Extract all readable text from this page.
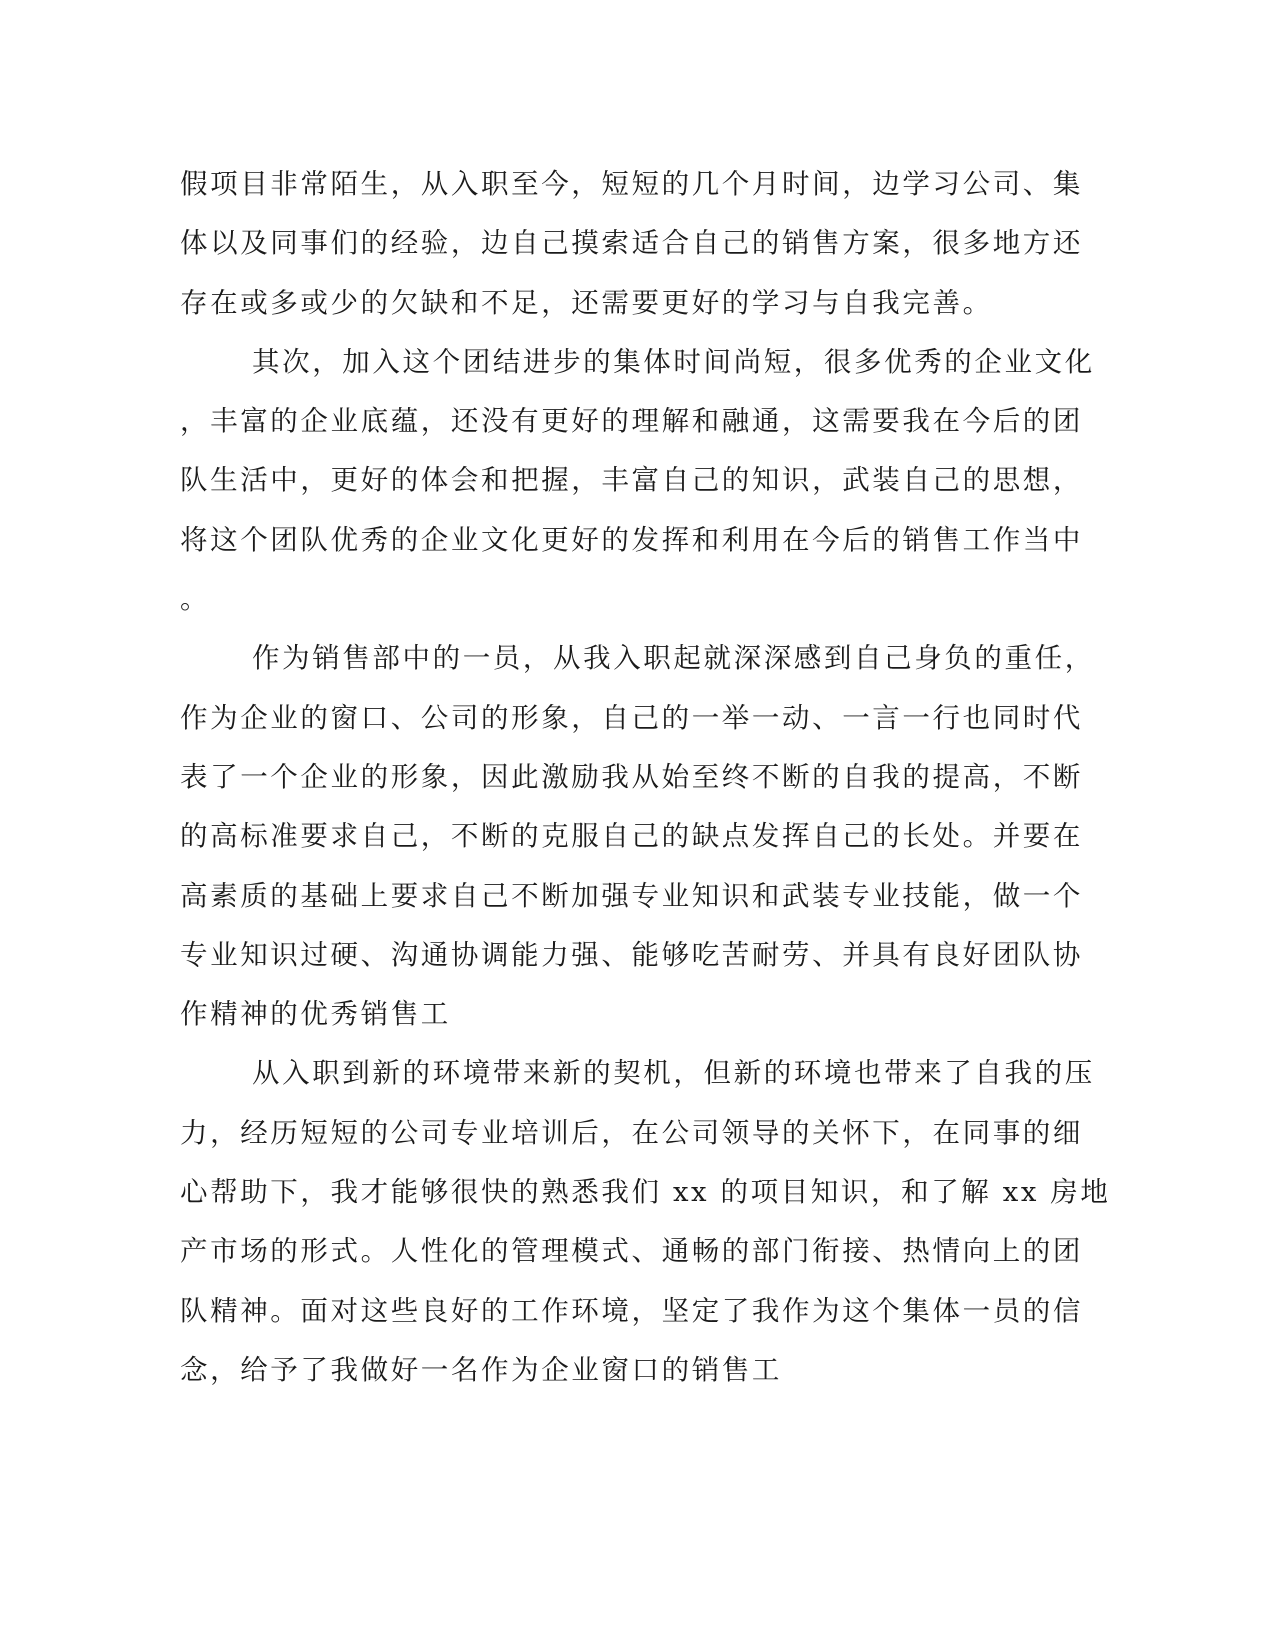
假项目非常陌生，从入职至今，短短的几个月时间，边学习公司、集
体以及同事们的经验，边自己摸索适合自己的销售方案，很多地方还
存在或多或少的欠缺和不足，还需要更好的学习与自我完善。
其次，加入这个团结进步的集体时间尚短，很多优秀的企业文化
，丰富的企业底蕴，还没有更好的理解和融通，这需要我在今后的团
队生活中，更好的体会和把握，丰富自己的知识，武装自己的思想，
将这个团队优秀的企业文化更好的发挥和利用在今后的销售工作当中
。
作为销售部中的一员，从我入职起就深深感到自己身负的重任，
作为企业的窗口、公司的形象，自己的一举一动、一言一行也同时代
表了一个企业的形象，因此激励我从始至终不断的自我的提高，不断
的高标准要求自己，不断的克服自己的缺点发挥自己的长处。并要在
高素质的基础上要求自己不断加强专业知识和武装专业技能，做一个
专业知识过硬、沟通协调能力强、能够吃苦耐劳、并具有良好团队协
作精神的优秀销售工
从入职到新的环境带来新的契机，但新的环境也带来了自我的压
力，经历短短的公司专业培训后，在公司领导的关怀下，在同事的细
心帮助下，我才能够很快的熟悉我们 xx 的项目知识，和了解 xx 房地
产市场的形式。人性化的管理模式、通畅的部门衔接、热情向上的团
队精神。面对这些良好的工作环境，坚定了我作为这个集体一员的信
念，给予了我做好一名作为企业窗口的销售工
